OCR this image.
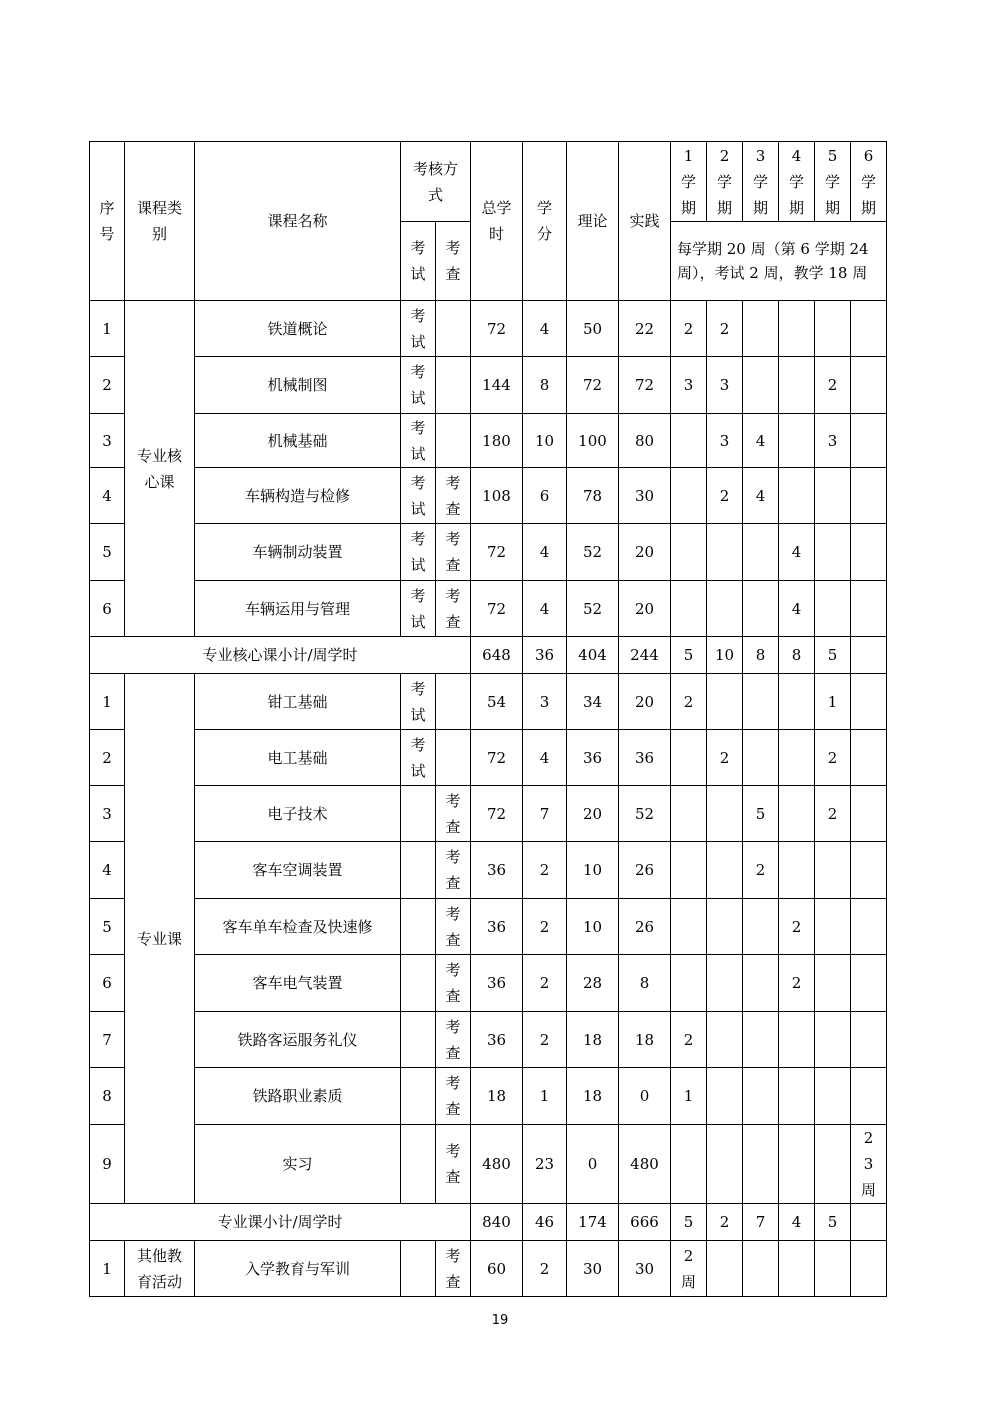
序号	课程类别	课程名称	考核方式		总学时	学分	理论	实践	1学期	2学期	3学期	4学期	5学期	6学期
			考试	考查					每学期 20 周（第 6 学期 24 周），考试 2 周，教学 18 周					
1	专业核心课	铁道概论	考试		72	4	50	22	2	2				
2		机械制图	考试		144	8	72	72	3	3			2	
3		机械基础	考试		180	10	100	80		3	4		3	
4		车辆构造与检修	考试	考查	108	6	78	30		2	4			
5		车辆制动装置	考试	考查	72	4	52	20				4		
6		车辆运用与管理	考试	考查	72	4	52	20				4		
专业核心课小计/周学时					648	36	404	244	5	10	8	8	5	
1	专业课	钳工基础	考试		54	3	34	20	2				1	
2		电工基础	考试		72	4	36	36		2			2	
3		电子技术		考查	72	7	20	52			5		2	
4		客车空调装置		考查	36	2	10	26			2			
5		客车单车检查及快速修		考查	36	2	10	26				2		
6		客车电气装置		考查	36	2	28	8				2		
7		铁路客运服务礼仪		考查	36	2	18	18	2					
8		铁路职业素质		考查	18	1	18	0	1					
9		实习		考查	480	23	0	480						23周
专业课小计/周学时					840	46	174	666	5	2	7	4	5	
1	其他教育活动	入学教育与军训		考查	60	2	30	30	2周					
19
